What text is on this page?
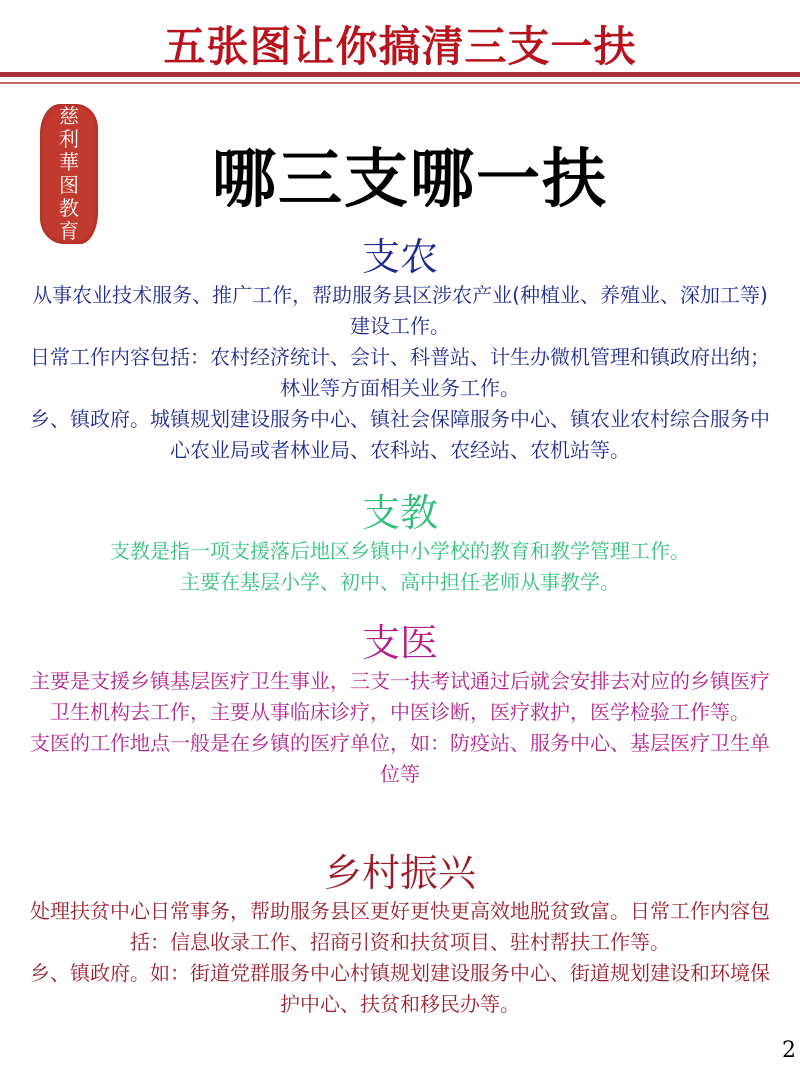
五张图让你搞清三支一扶
慈
利
華
图
教
育
哪三支哪一扶
支农

从事农业技术服务、推广工作，帮助服务县区涉农产业(种植业、养殖业、深加工等)建设工作。

日常工作内容包括：农村经济统计、会计、科普站、计生办微机管理和镇政府出纳；林业等方面相关业务工作。

乡、镇政府。城镇规划建设服务中心、镇社会保障服务中心、镇农业农村综合服务中心农业局或者林业局、农科站、农经站、农机站等。

支教

支教是指一项支援落后地区乡镇中小学校的教育和教学管理工作。

主要在基层小学、初中、高中担任老师从事教学。

支医

主要是支援乡镇基层医疗卫生事业，三支一扶考试通过后就会安排去对应的乡镇医疗卫生机构去工作，主要从事临床诊疗，中医诊断，医疗救护，医学检验工作等。

支医的工作地点一般是在乡镇的医疗单位，如：防疫站、服务中心、基层医疗卫生单位等

乡村振兴

处理扶贫中心日常事务，帮助服务县区更好更快更高效地脱贫致富。日常工作内容包括：信息收录工作、招商引资和扶贫项目、驻村帮扶工作等。

乡、镇政府。如：街道党群服务中心村镇规划建设服务中心、街道规划建设和环境保护中心、扶贫和移民办等。

2
